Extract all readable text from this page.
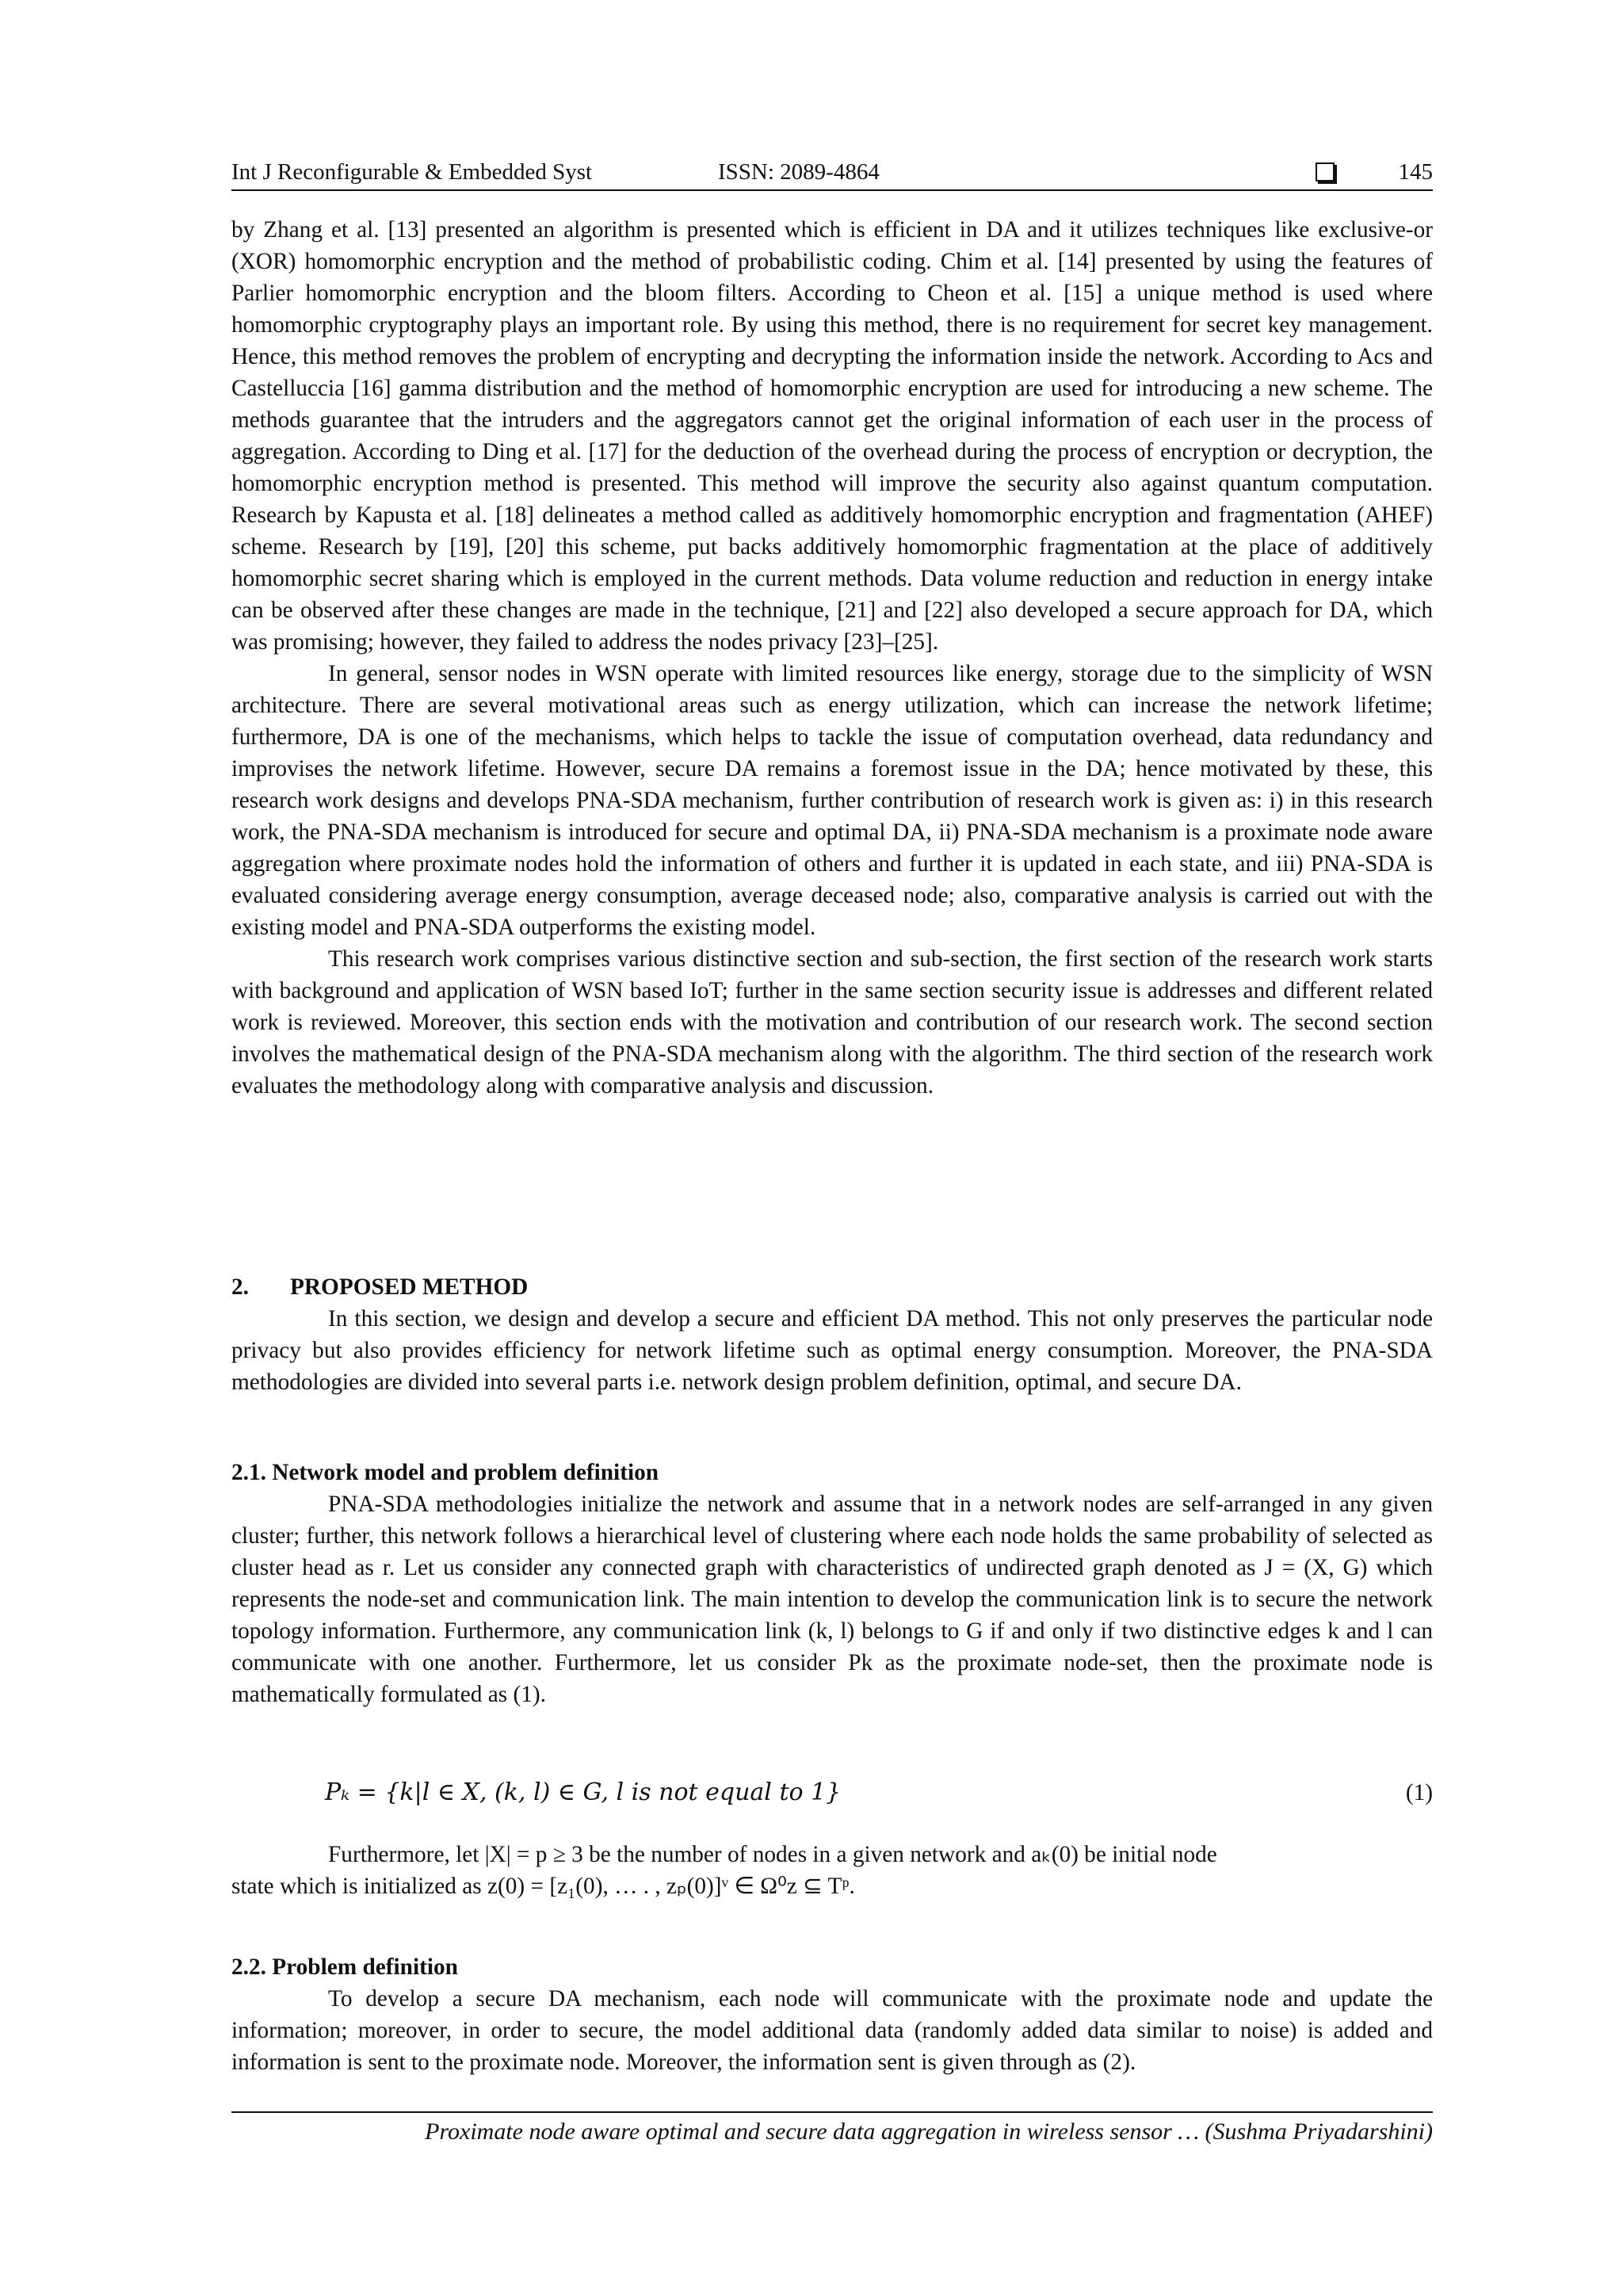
Int J Reconfigurable & Embedded Syst	ISSN: 2089-4864	145

by Zhang et al. [13] presented an algorithm is presented which is efficient in DA and it utilizes techniques like exclusive-or (XOR) homomorphic encryption and the method of probabilistic coding. Chim et al. [14] presented by using the features of Parlier homomorphic encryption and the bloom filters. According to Cheon et al. [15] a unique method is used where homomorphic cryptography plays an important role. By using this method, there is no requirement for secret key management. Hence, this method removes the problem of encrypting and decrypting the information inside the network. According to Acs and Castelluccia [16] gamma distribution and the method of homomorphic encryption are used for introducing a new scheme. The methods guarantee that the intruders and the aggregators cannot get the original information of each user in the process of aggregation. According to Ding et al. [17] for the deduction of the overhead during the process of encryption or decryption, the homomorphic encryption method is presented. This method will improve the security also against quantum computation. Research by Kapusta et al. [18] delineates a method called as additively homomorphic encryption and fragmentation (AHEF) scheme. Research by [19], [20] this scheme, put backs additively homomorphic fragmentation at the place of additively homomorphic secret sharing which is employed in the current methods. Data volume reduction and reduction in energy intake can be observed after these changes are made in the technique, [21] and [22] also developed a secure approach for DA, which was promising; however, they failed to address the nodes privacy [23]–[25].

In general, sensor nodes in WSN operate with limited resources like energy, storage due to the simplicity of WSN architecture. There are several motivational areas such as energy utilization, which can increase the network lifetime; furthermore, DA is one of the mechanisms, which helps to tackle the issue of computation overhead, data redundancy and improvises the network lifetime. However, secure DA remains a foremost issue in the DA; hence motivated by these, this research work designs and develops PNA-SDA mechanism, further contribution of research work is given as: i) in this research work, the PNA-SDA mechanism is introduced for secure and optimal DA, ii) PNA-SDA mechanism is a proximate node aware aggregation where proximate nodes hold the information of others and further it is updated in each state, and iii) PNA-SDA is evaluated considering average energy consumption, average deceased node; also, comparative analysis is carried out with the existing model and PNA-SDA outperforms the existing model.

This research work comprises various distinctive section and sub-section, the first section of the research work starts with background and application of WSN based IoT; further in the same section security issue is addresses and different related work is reviewed. Moreover, this section ends with the motivation and contribution of our research work. The second section involves the mathematical design of the PNA-SDA mechanism along with the algorithm. The third section of the research work evaluates the methodology along with comparative analysis and discussion.

2. PROPOSED METHOD

In this section, we design and develop a secure and efficient DA method. This not only preserves the particular node privacy but also provides efficiency for network lifetime such as optimal energy consumption. Moreover, the PNA-SDA methodologies are divided into several parts i.e. network design problem definition, optimal, and secure DA.

2.1. Network model and problem definition

PNA-SDA methodologies initialize the network and assume that in a network nodes are self-arranged in any given cluster; further, this network follows a hierarchical level of clustering where each node holds the same probability of selected as cluster head as r. Let us consider any connected graph with characteristics of undirected graph denoted as J = (X, G) which represents the node-set and communication link. The main intention to develop the communication link is to secure the network topology information. Furthermore, any communication link (k, l) belongs to G if and only if two distinctive edges k and l can communicate with one another. Furthermore, let us consider Pk as the proximate node-set, then the proximate node is mathematically formulated as (1).

Pₖ = {k|l ∈ X, (k, l) ∈ G, l is not equal to 1}	(1)

Furthermore, let |X| = p ≥ 3 be the number of nodes in a given network and aₖ(0) be initial node

state which is initialized as z(0) = [z₁(0), … . , zₚ(0)]ᵛ ∈ Ω⁰z ⊆ Tᵖ.

2.2. Problem definition

To develop a secure DA mechanism, each node will communicate with the proximate node and update the information; moreover, in order to secure, the model additional data (randomly added data similar to noise) is added and information is sent to the proximate node. Moreover, the information sent is given through as (2).

Proximate node aware optimal and secure data aggregation in wireless sensor … (Sushma Priyadarshini)
